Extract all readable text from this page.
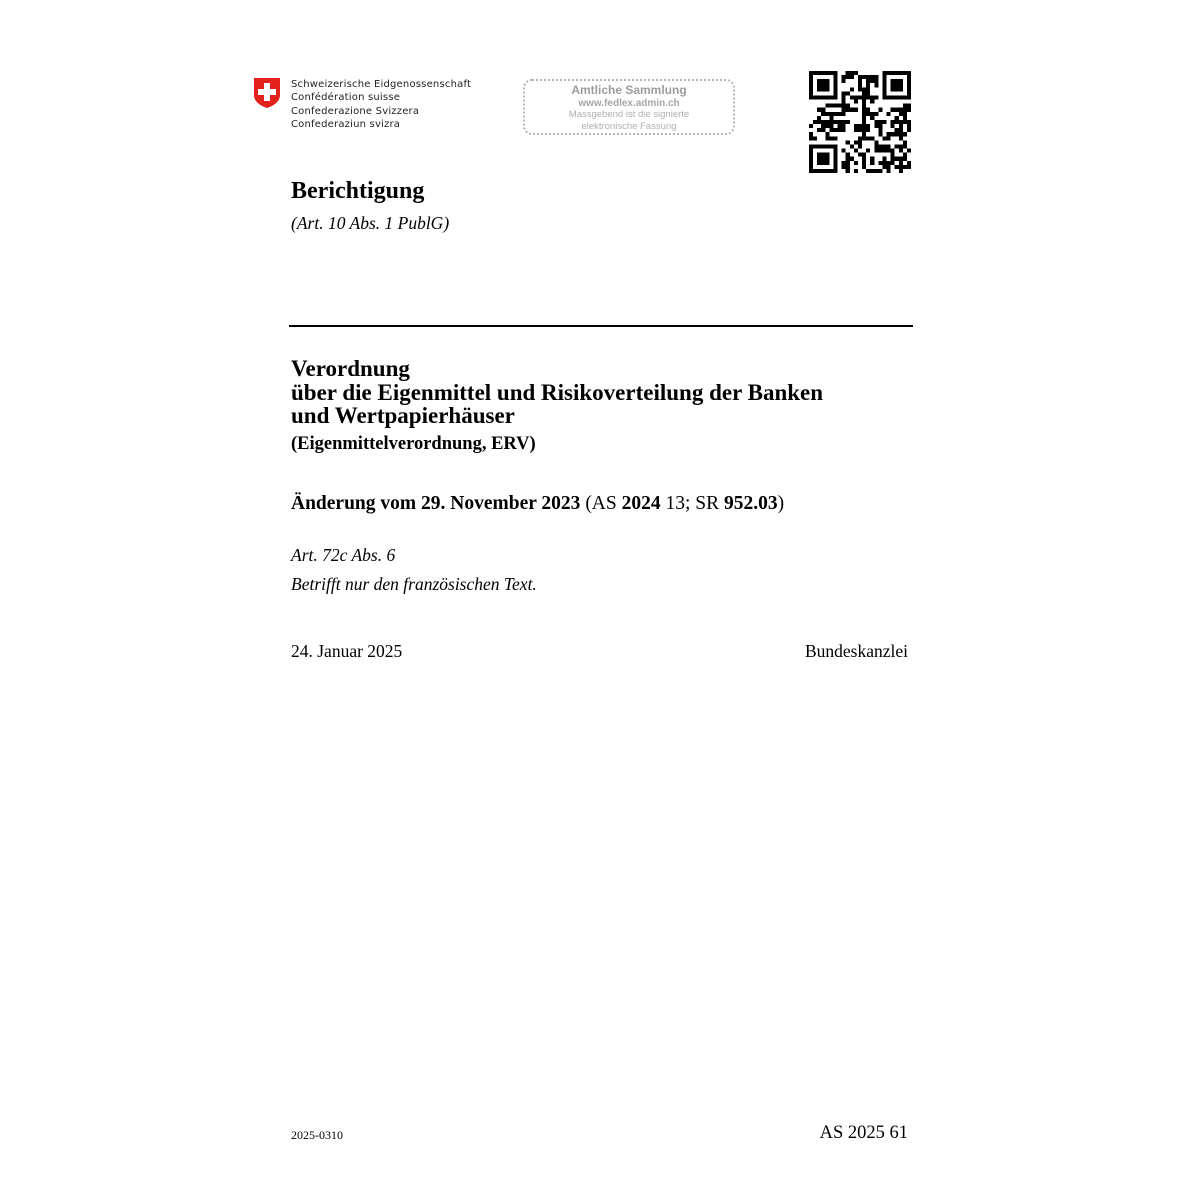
Schweizerische Eidgenossenschaft
Confédération suisse
Confederazione Svizzera
Confederaziun svizra
Amtliche Sammlung
www.fedlex.admin.ch
Massgebend ist die signierte
elektronische Fassung
Berichtigung
(Art. 10 Abs. 1 PublG)
Verordnung
über die Eigenmittel und Risikoverteilung der Banken
und Wertpapierhäuser
(Eigenmittelverordnung, ERV)
Änderung vom 29. November 2023 (AS 2024 13; SR 952.03)
Art. 72c Abs. 6
Betrifft nur den französischen Text.
24. Januar 2025	Bundeskanzlei
2025-0310	AS 2025 61
